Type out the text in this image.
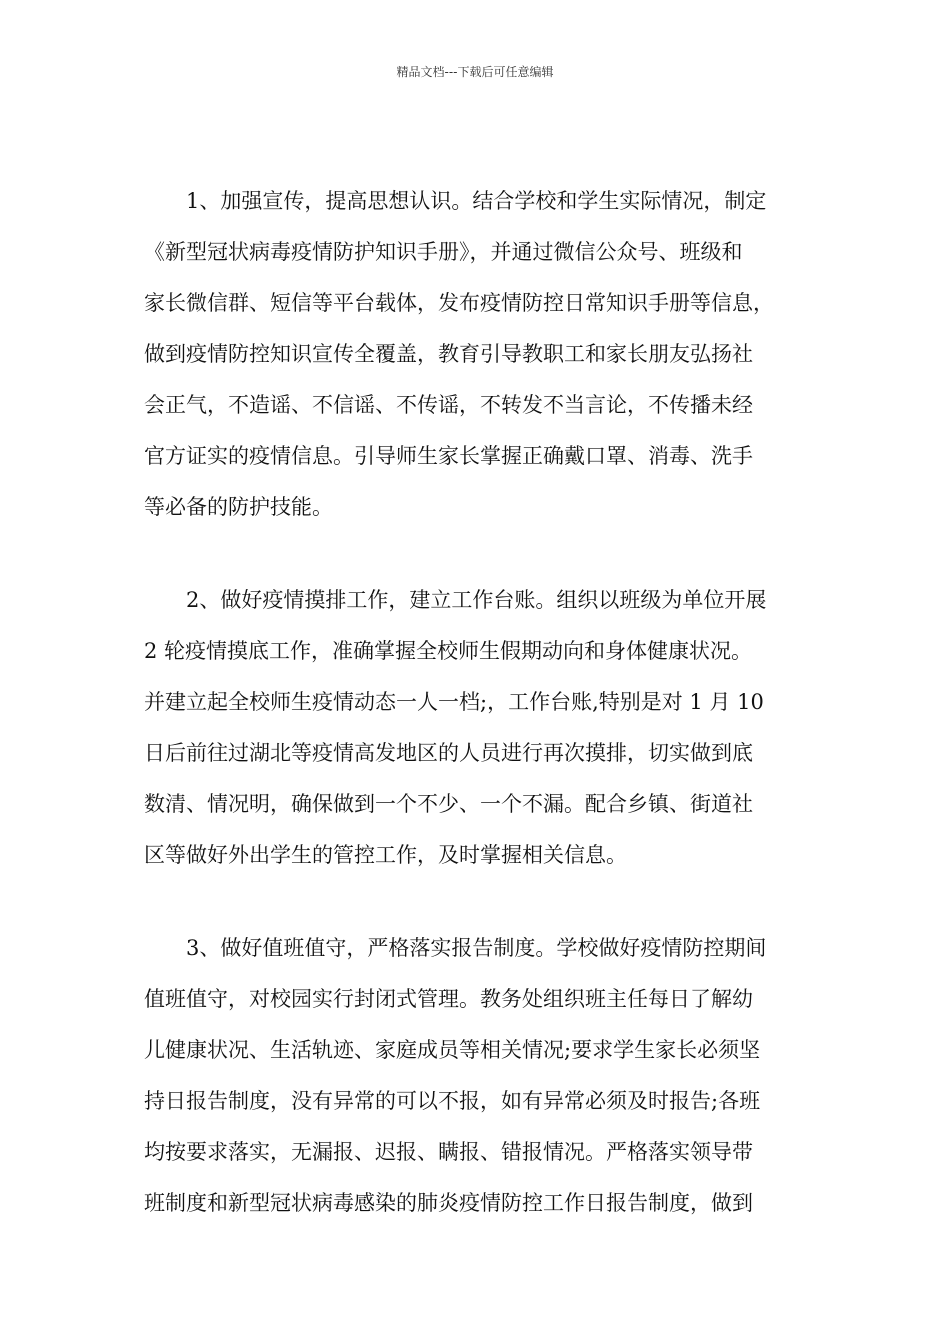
精品文档---下载后可任意编辑
1、加强宣传，提高思想认识。结合学校和学生实际情况，制定
《新型冠状病毒疫情防护知识手册》，并通过微信公众号、班级和
家长微信群、短信等平台载体，发布疫情防控日常知识手册等信息，
做到疫情防控知识宣传全覆盖，教育引导教职工和家长朋友弘扬社
会正气，不造谣、不信谣、不传谣，不转发不当言论，不传播未经
官方证实的疫情信息。引导师生家长掌握正确戴口罩、消毒、洗手
等必备的防护技能。
2、做好疫情摸排工作，建立工作台账。组织以班级为单位开展
2 轮疫情摸底工作，准确掌握全校师生假期动向和身体健康状况。
并建立起全校师生疫情动态一人一档;，工作台账,特别是对 1 月 10
日后前往过湖北等疫情高发地区的人员进行再次摸排，切实做到底
数清、情况明，确保做到一个不少、一个不漏。配合乡镇、街道社
区等做好外出学生的管控工作，及时掌握相关信息。
3、做好值班值守，严格落实报告制度。学校做好疫情防控期间
值班值守，对校园实行封闭式管理。教务处组织班主任每日了解幼
儿健康状况、生活轨迹、家庭成员等相关情况;要求学生家长必须坚
持日报告制度，没有异常的可以不报，如有异常必须及时报告;各班
均按要求落实，无漏报、迟报、瞒报、错报情况。严格落实领导带
班制度和新型冠状病毒感染的肺炎疫情防控工作日报告制度，做到
